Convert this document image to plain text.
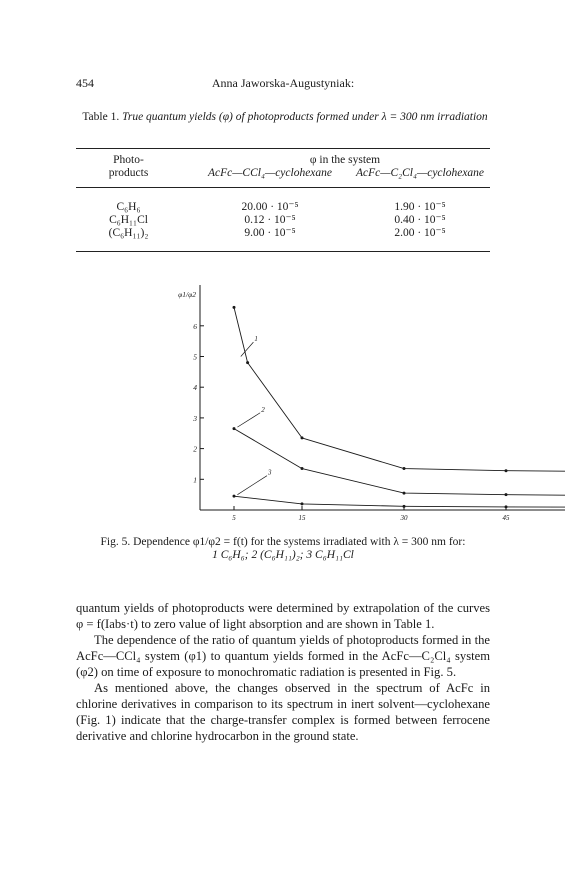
454	Anna Jaworska-Augustyniak:
Table 1. True quantum yields (φ) of photoproducts formed under λ = 300 nm irradiation
Photo-
products
φ in the system
AcFc—CCl₄—cyclohexane	AcFc—C₂Cl₄—cyclohexane
C₆H₆	20.00 · 10⁻⁵	1.90 · 10⁻⁵
C₆H₁₁Cl	0.12 · 10⁻⁵	0.40 · 10⁻⁵
(C₆H₁₁)₂	9.00 · 10⁻⁵	2.00 · 10⁻⁵
1
2
3
4
5
6
5	15	30	45
φ1/φ2
1
2
3
Fig. 5. Dependence φ1/φ2 = f(t) for the systems irradiated with λ = 300 nm for:
1 C₆H₆; 2 (C₆H₁₁)₂; 3 C₆H₁₁Cl

quantum yields of photoproducts were determined by extrapolation of the curves φ = f(Iabs·t) to zero value of light absorption and are shown in Table 1.

The dependence of the ratio of quantum yields of photoproducts formed in the AcFc—CCl₄ system (φ1) to quantum yields formed in the AcFc—C₂Cl₄ system (φ2) on time of exposure to monochromatic radiation is presented in Fig. 5.

As mentioned above, the changes observed in the spectrum of AcFc in chlorine derivatives in comparison to its spectrum in inert solvent—cyclohexane (Fig. 1) indicate that the charge-transfer complex is formed between ferrocene derivative and chlorine hydrocarbon in the ground state.
